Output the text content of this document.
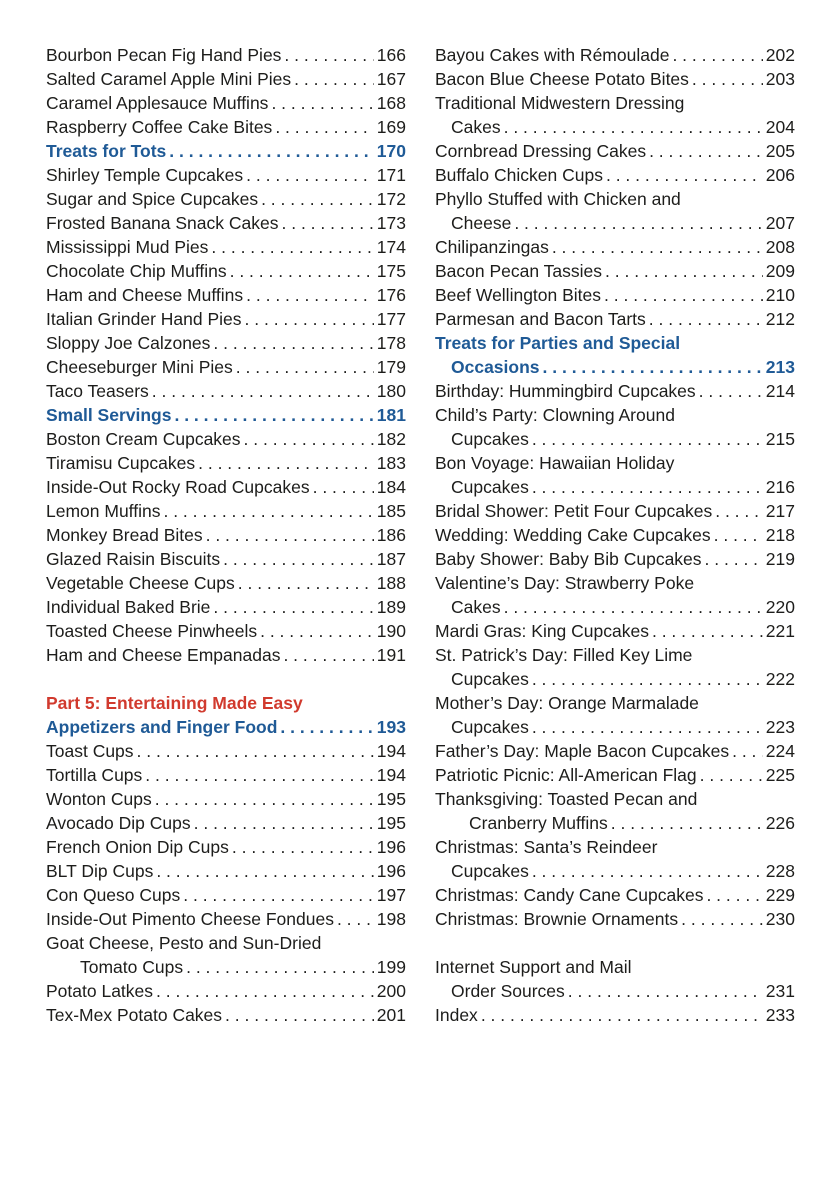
Bourbon Pecan Fig Hand Pies . . .	166
Salted Caramel Apple Mini Pies . . .	167
Caramel Applesauce Muffins . . .	168
Raspberry Coffee Cake Bites . . .	169
Treats for Tots . . .	170
Shirley Temple Cupcakes . . .	171
Sugar and Spice Cupcakes . . .	172
Frosted Banana Snack Cakes . . .	173
Mississippi Mud Pies . . .	174
Chocolate Chip Muffins . . .	175
Ham and Cheese Muffins . . .	176
Italian Grinder Hand Pies . . .	177
Sloppy Joe Calzones . . .	178
Cheeseburger Mini Pies . . .	179
Taco Teasers . . .	180
Small Servings . . .	181
Boston Cream Cupcakes . . .	182
Tiramisu Cupcakes . . .	183
Inside-Out Rocky Road Cupcakes . . .	184
Lemon Muffins . . .	185
Monkey Bread Bites . . .	186
Glazed Raisin Biscuits . . .	187
Vegetable Cheese Cups . . .	188
Individual Baked Brie . . .	189
Toasted Cheese Pinwheels . . .	190
Ham and Cheese Empanadas . . .	191
Part 5: Entertaining Made Easy
Appetizers and Finger Food . . .	193
Toast Cups . . .	194
Tortilla Cups . . .	194
Wonton Cups . . .	195
Avocado Dip Cups . . .	195
French Onion Dip Cups . . .	196
BLT Dip Cups . . .	196
Con Queso Cups . . .	197
Inside-Out Pimento Cheese Fondues . . . 198
Goat Cheese, Pesto and Sun-Dried
Tomato Cups . . .	199
Potato Latkes . . .	200
Tex-Mex Potato Cakes . . .	201
Bayou Cakes with Rémoulade . . .	202
Bacon Blue Cheese Potato Bites . . .	203
Traditional Midwestern Dressing
Cakes . . .	204
Cornbread Dressing Cakes . . .	205
Buffalo Chicken Cups . . .	206
Phyllo Stuffed with Chicken and
Cheese . . .	207
Chilipanzingas . . .	208
Bacon Pecan Tassies . . .	209
Beef Wellington Bites . . .	210
Parmesan and Bacon Tarts . . .	212
Treats for Parties and Special
Occasions . . .	213
Birthday: Hummingbird Cupcakes . . .	214
Child’s Party: Clowning Around
Cupcakes . . .	215
Bon Voyage: Hawaiian Holiday
Cupcakes . . .	216
Bridal Shower: Petit Four Cupcakes . . .	217
Wedding: Wedding Cake Cupcakes . . .	218
Baby Shower: Baby Bib Cupcakes . . .	219
Valentine’s Day: Strawberry Poke
Cakes . . .	220
Mardi Gras: King Cupcakes . . .	221
St. Patrick’s Day: Filled Key Lime
Cupcakes . . .	222
Mother’s Day: Orange Marmalade
Cupcakes . . .	223
Father’s Day: Maple Bacon Cupcakes . . . 224
Patriotic Picnic: All-American Flag . . .	225
Thanksgiving: Toasted Pecan and
Cranberry Muffins . . .	226
Christmas: Santa’s Reindeer
Cupcakes . . .	228
Christmas: Candy Cane Cupcakes . . .	229
Christmas: Brownie Ornaments . . .	230
Internet Support and Mail
Order Sources . . .	231
Index . . .	233
